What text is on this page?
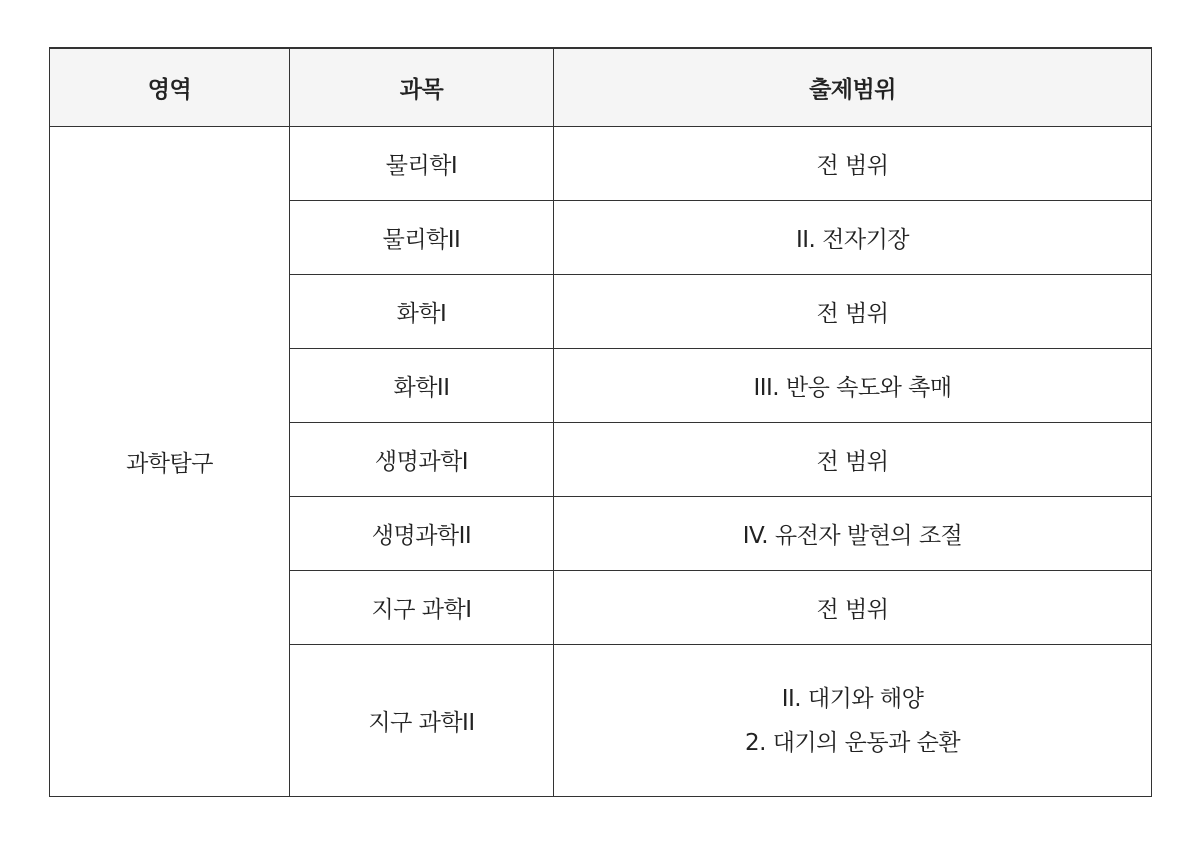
영역	과목	출제범위
과학탐구	물리학I	전 범위
	물리학II	II. 전자기장
	화학I	전 범위
	화학II	III. 반응 속도와 촉매
	생명과학I	전 범위
	생명과학II	IV. 유전자 발현의 조절
	지구 과학I	전 범위
	지구 과학II	II. 대기와 해양
2. 대기의 운동과 순환
